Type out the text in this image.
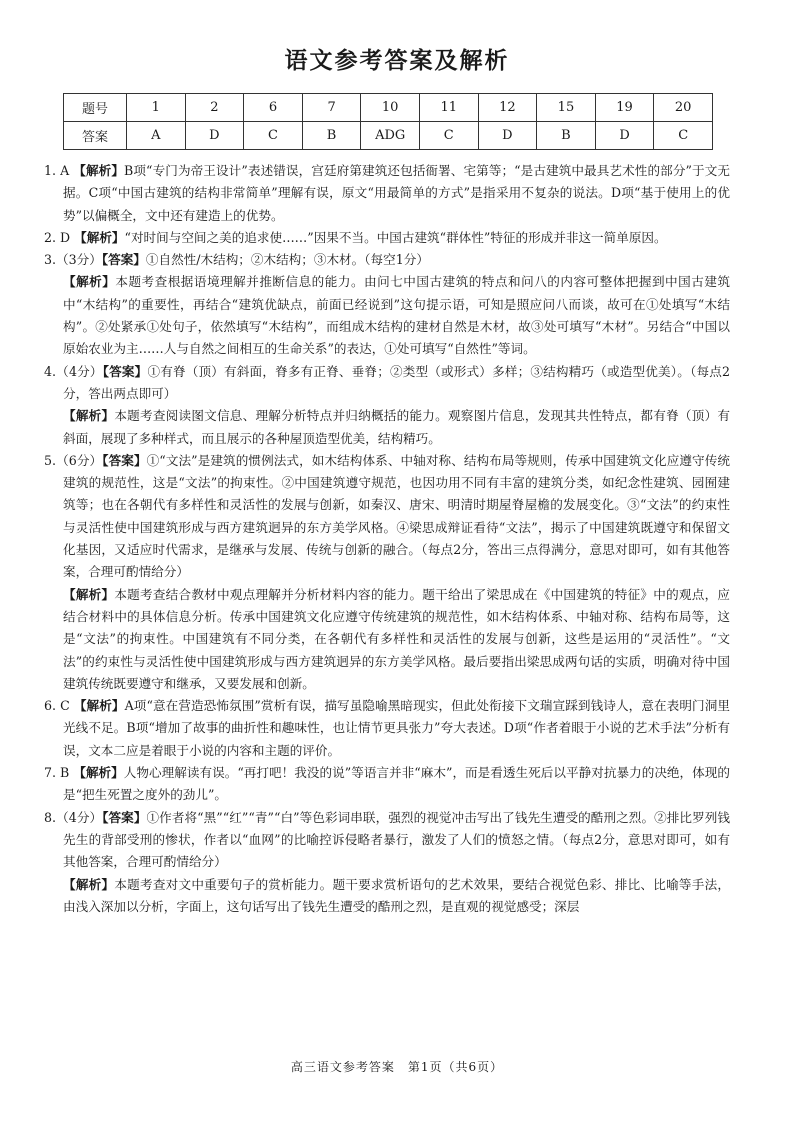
语文参考答案及解析
题号	1	2	6	7	10	11	12	15	19	20
答案	A	D	C	B	ADG	C	D	B	D	C

1. A 【解析】B项“专门为帝王设计”表述错误，宫廷府第建筑还包括衙署、宅第等；“是古建筑中最具艺术性的部分”于文无据。C项“中国古建筑的结构非常简单”理解有误，原文“用最简单的方式”是指采用不复杂的说法。D项“基于使用上的优势”以偏概全，文中还有建造上的优势。

2. D 【解析】“对时间与空间之美的追求使……”因果不当。中国古建筑“群体性”特征的形成并非这一简单原因。

3.（3分）【答案】①自然性/木结构；②木结构；③木材。（每空1分）

【解析】本题考查根据语境理解并推断信息的能力。由问七中国古建筑的特点和问八的内容可整体把握到中国古建筑中“木结构”的重要性，再结合“建筑优缺点，前面已经说到”这句提示语，可知是照应问八而谈，故可在①处填写“木结构”。②处紧承①处句子，依然填写“木结构”，而组成木结构的建材自然是木材，故③处可填写“木材”。另结合“中国以原始农业为主……人与自然之间相互的生命关系”的表达，①处可填写“自然性”等词。

4.（4分）【答案】①有脊（顶）有斜面，脊多有正脊、垂脊；②类型（或形式）多样；③结构精巧（或造型优美）。（每点2分，答出两点即可）

【解析】本题考查阅读图文信息、理解分析特点并归纳概括的能力。观察图片信息，发现其共性特点，都有脊（顶）有斜面，展现了多种样式，而且展示的各种屋顶造型优美，结构精巧。

5.（6分）【答案】①“文法”是建筑的惯例法式，如木结构体系、中轴对称、结构布局等规则，传承中国建筑文化应遵守传统建筑的规范性，这是“文法”的拘束性。②中国建筑遵守规范，也因功用不同有丰富的建筑分类，如纪念性建筑、园囿建筑等；也在各朝代有多样性和灵活性的发展与创新，如秦汉、唐宋、明清时期屋脊屋檐的发展变化。③“文法”的约束性与灵活性使中国建筑形成与西方建筑迥异的东方美学风格。④梁思成辩证看待“文法”，揭示了中国建筑既遵守和保留文化基因，又适应时代需求，是继承与发展、传统与创新的融合。（每点2分，答出三点得满分，意思对即可，如有其他答案，合理可酌情给分）

【解析】本题考查结合教材中观点理解并分析材料内容的能力。题干给出了梁思成在《中国建筑的特征》中的观点，应结合材料中的具体信息分析。传承中国建筑文化应遵守传统建筑的规范性，如木结构体系、中轴对称、结构布局等，这是“文法”的拘束性。中国建筑有不同分类，在各朝代有多样性和灵活性的发展与创新，这些是运用的“灵活性”。“文法”的约束性与灵活性使中国建筑形成与西方建筑迥异的东方美学风格。最后要指出梁思成两句话的实质，明确对待中国建筑传统既要遵守和继承，又要发展和创新。

6. C 【解析】A项“意在营造恐怖氛围”赏析有误，描写虽隐喻黑暗现实，但此处衔接下文瑞宣踩到钱诗人，意在表明门洞里光线不足。B项“增加了故事的曲折性和趣味性，也让情节更具张力”夸大表述。D项“作者着眼于小说的艺术手法”分析有误，文本二应是着眼于小说的内容和主题的评价。

7. B 【解析】人物心理解读有误。“再打吧！我没的说”等语言并非“麻木”，而是看透生死后以平静对抗暴力的决绝，体现的是“把生死置之度外的劲儿”。

8.（4分）【答案】①作者将“黑”“红”“青”“白”等色彩词串联，强烈的视觉冲击写出了钱先生遭受的酷刑之烈。②排比罗列钱先生的背部受刑的惨状，作者以“血网”的比喻控诉侵略者暴行，激发了人们的愤怒之情。（每点2分，意思对即可，如有其他答案，合理可酌情给分）

【解析】本题考查对文中重要句子的赏析能力。题干要求赏析语句的艺术效果，要结合视觉色彩、排比、比喻等手法，由浅入深加以分析，字面上，这句话写出了钱先生遭受的酷刑之烈，是直观的视觉感受；深层

高三语文参考答案　第1页（共6页）
